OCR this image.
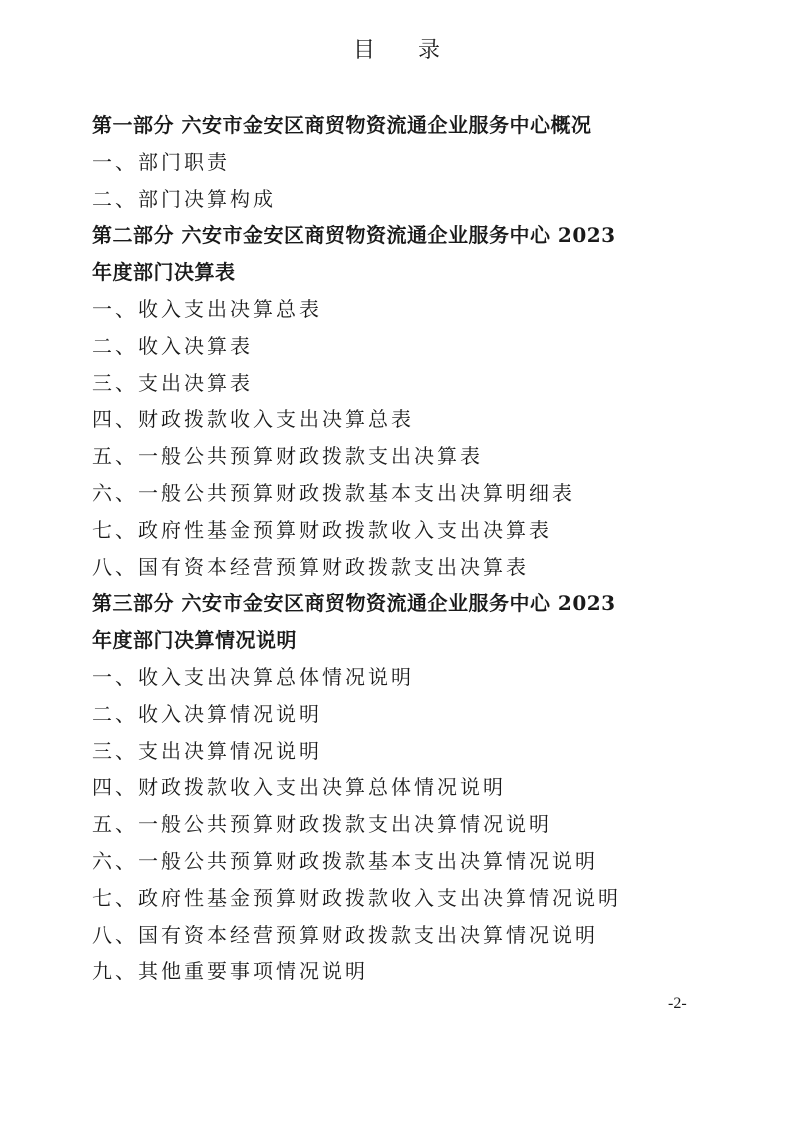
目 录
第一部分 六安市金安区商贸物资流通企业服务中心概况
一、部门职责
二、部门决算构成
第二部分 六安市金安区商贸物资流通企业服务中心 2023
年度部门决算表
一、收入支出决算总表
二、收入决算表
三、支出决算表
四、财政拨款收入支出决算总表
五、一般公共预算财政拨款支出决算表
六、一般公共预算财政拨款基本支出决算明细表
七、政府性基金预算财政拨款收入支出决算表
八、国有资本经营预算财政拨款支出决算表
第三部分 六安市金安区商贸物资流通企业服务中心 2023
年度部门决算情况说明
一、收入支出决算总体情况说明
二、收入决算情况说明
三、支出决算情况说明
四、财政拨款收入支出决算总体情况说明
五、一般公共预算财政拨款支出决算情况说明
六、一般公共预算财政拨款基本支出决算情况说明
七、政府性基金预算财政拨款收入支出决算情况说明
八、国有资本经营预算财政拨款支出决算情况说明
九、其他重要事项情况说明
-2-
